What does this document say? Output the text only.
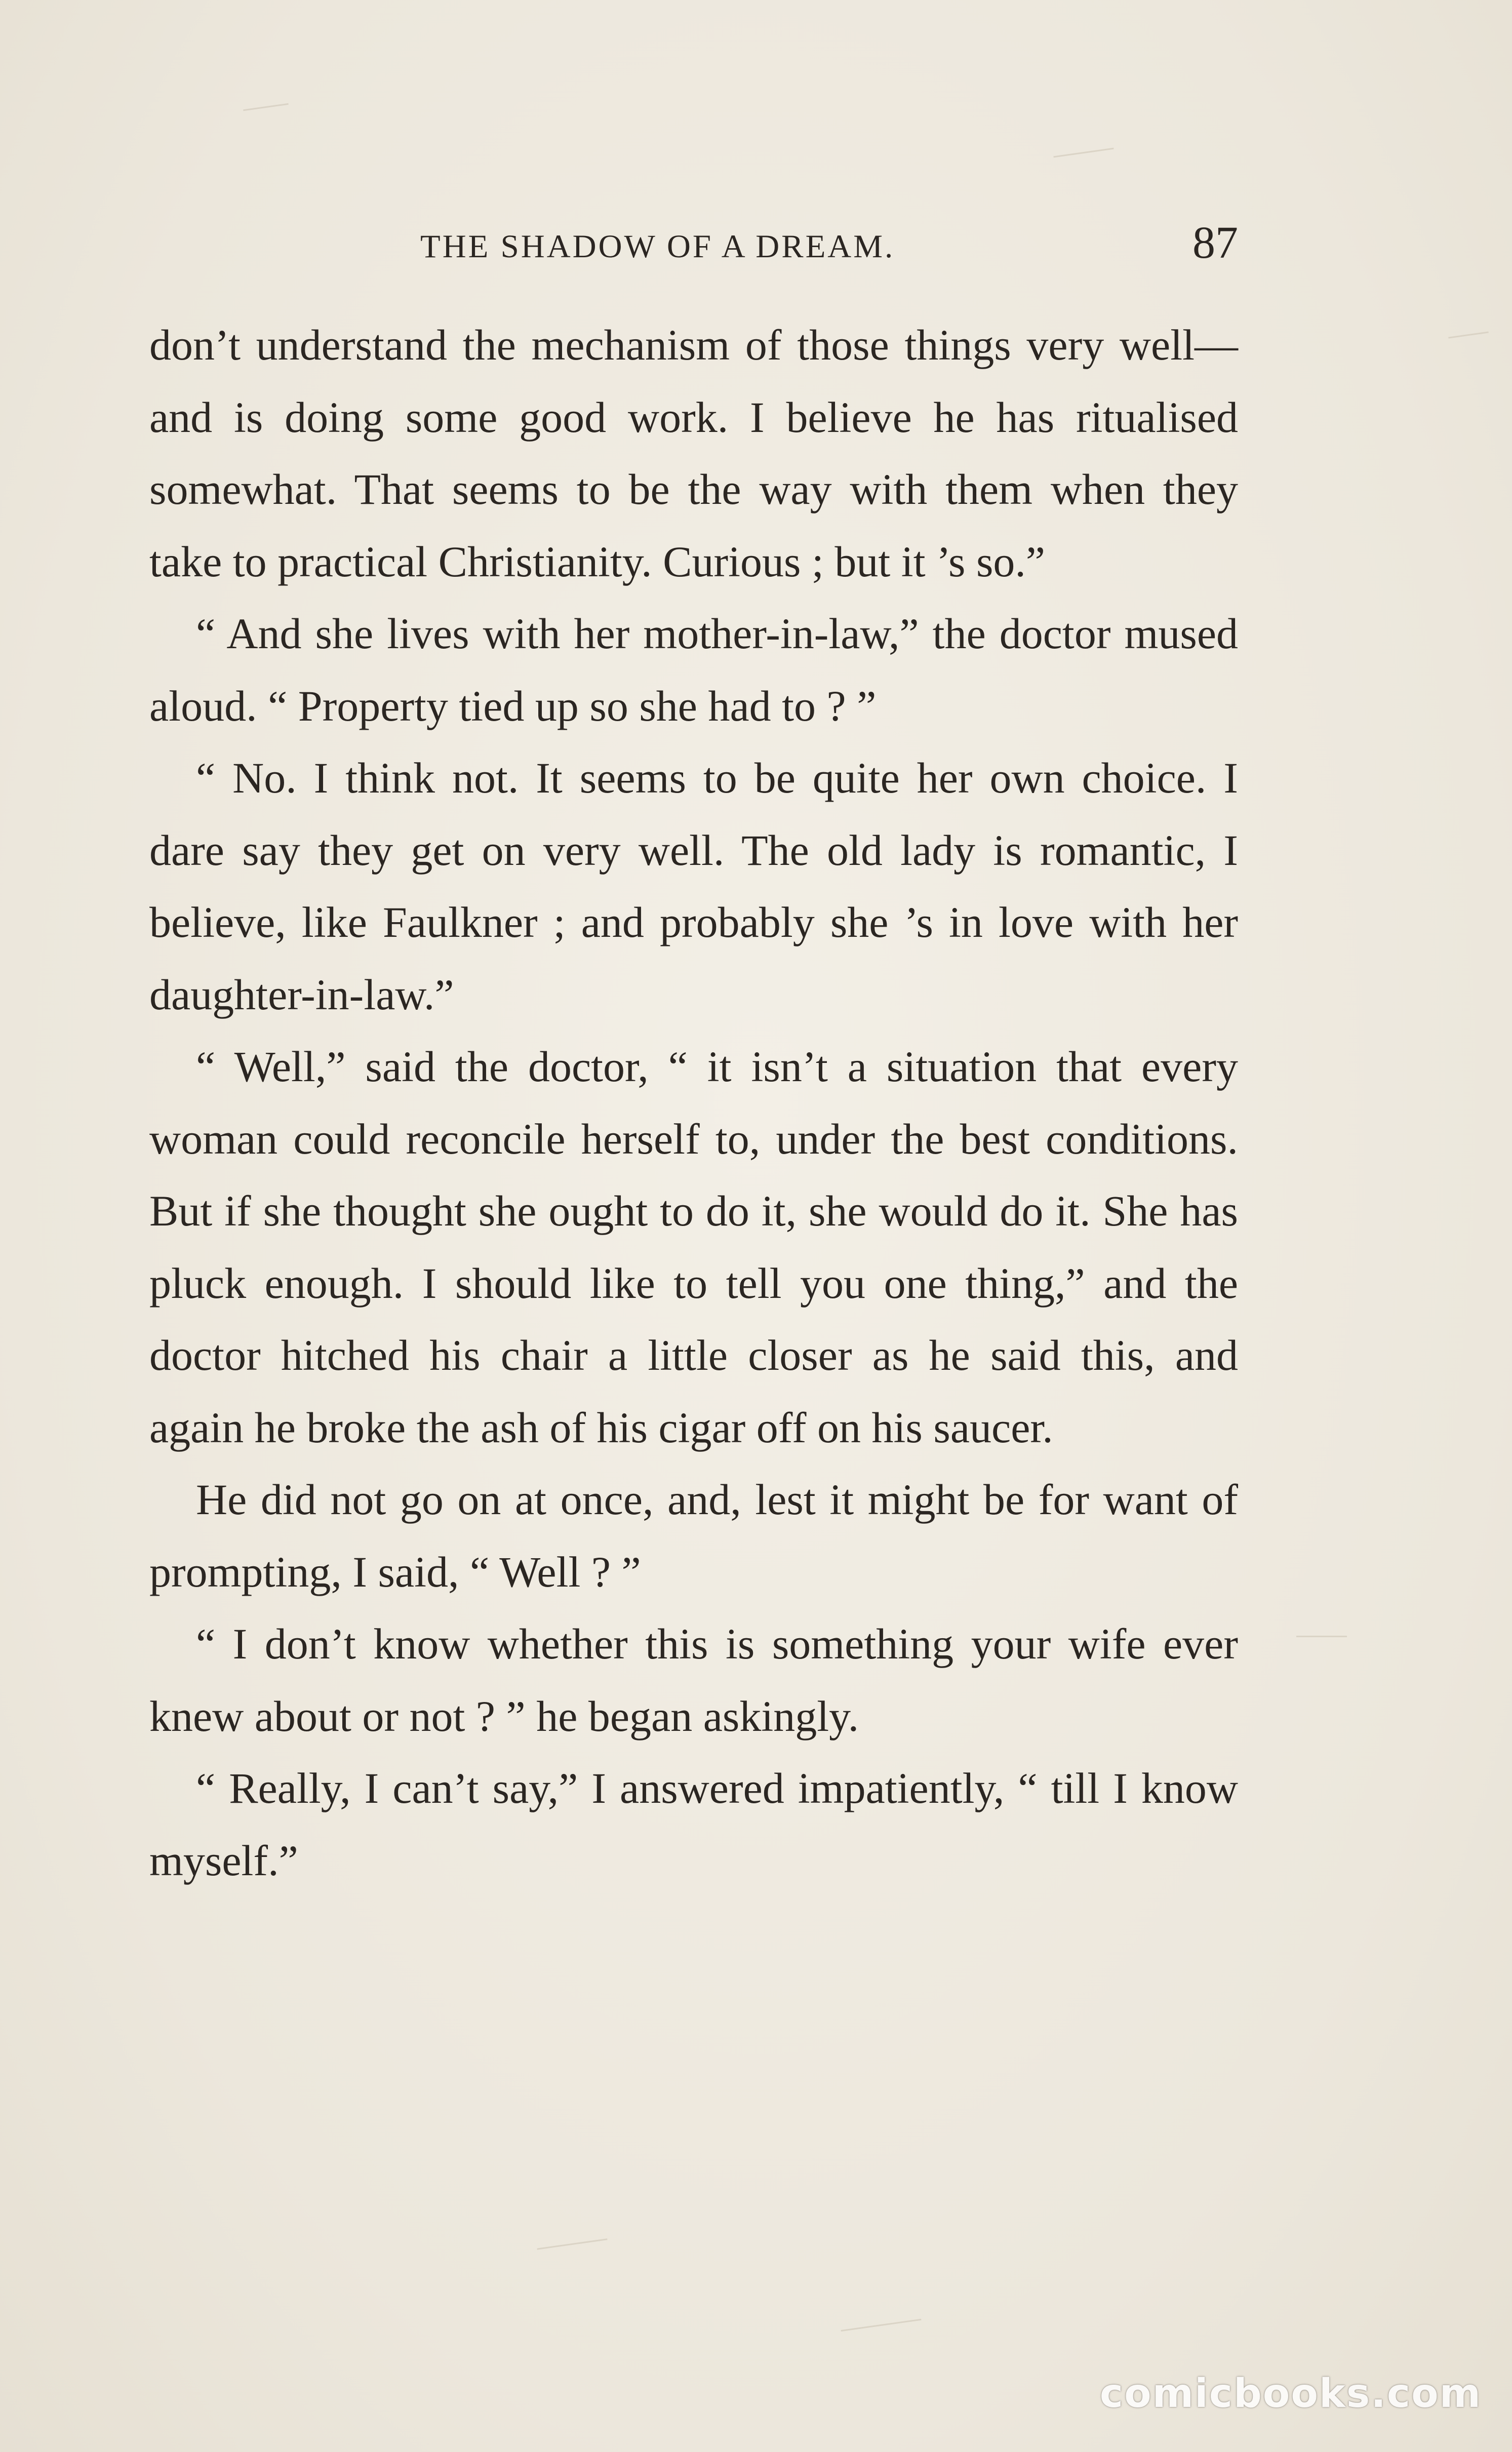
THE SHADOW OF A DREAM.	87

don’t understand the mechanism of those things very well—and is doing some good work. I believe he has ritualised somewhat. That seems to be the way with them when they take to practical Christianity. Curious ; but it ’s so.”

“ And she lives with her mother-in-law,” the doctor mused aloud. “ Property tied up so she had to ? ”

“ No. I think not. It seems to be quite her own choice. I dare say they get on very well. The old lady is romantic, I believe, like Faulkner ; and probably she ’s in love with her daughter-in-law.”

“ Well,” said the doctor, “ it isn’t a situation that every woman could reconcile herself to, under the best conditions. But if she thought she ought to do it, she would do it. She has pluck enough. I should like to tell you one thing,” and the doctor hitched his chair a little closer as he said this, and again he broke the ash of his cigar off on his saucer.

He did not go on at once, and, lest it might be for want of prompting, I said, “ Well ? ”

“ I don’t know whether this is something your wife ever knew about or not ? ” he began askingly.

“ Really, I can’t say,” I answered impatiently, “ till I know myself.”

comicbooks.com
